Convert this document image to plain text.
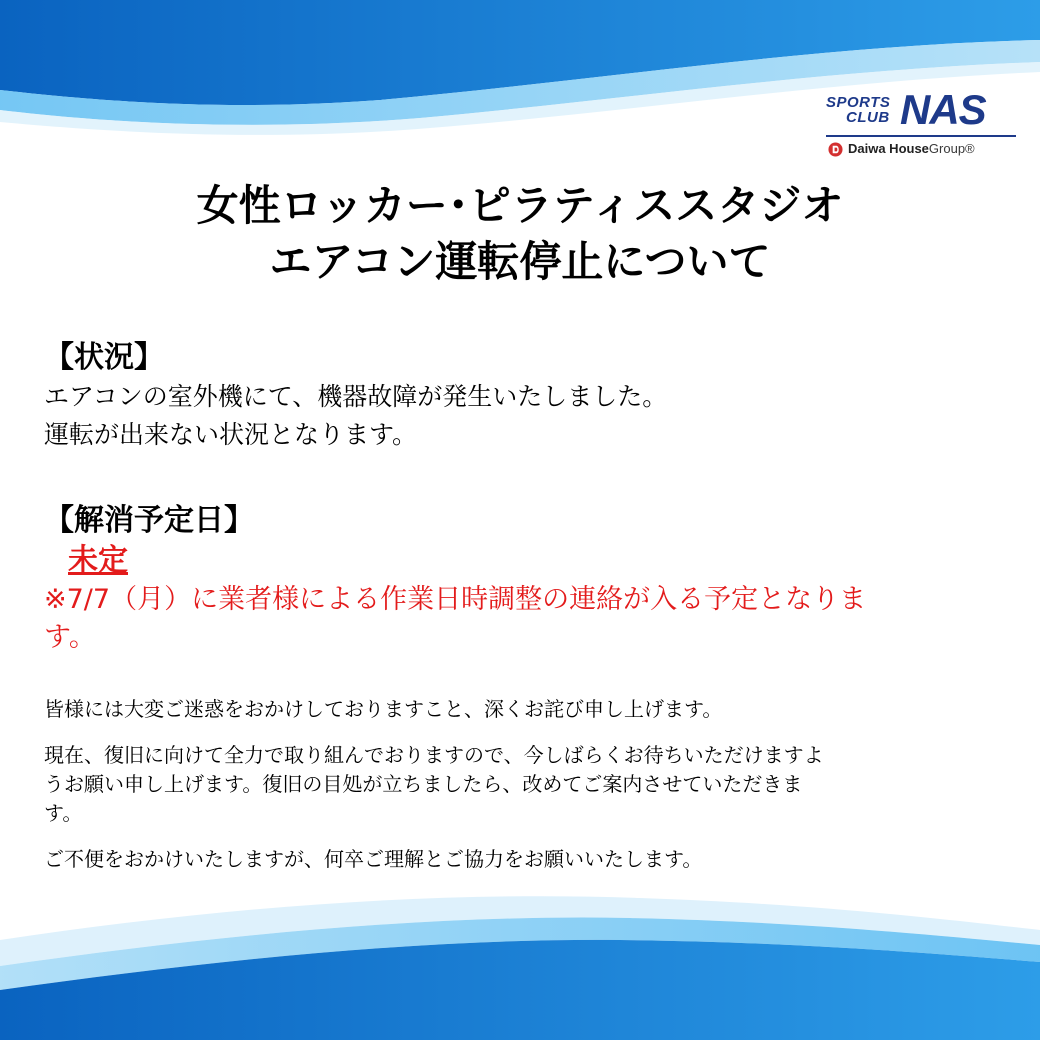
SPORTS
CLUB NAS
Daiwa HouseGroup®
女性ロッカー･ピラティススタジオ
エアコン運転停止について
【状況】
エアコンの室外機にて、機器故障が発生いたしました。
運転が出来ない状況となります。
【解消予定日】
未定
※7/7（月）に業者様による作業日時調整の連絡が入る予定となりま
す。
皆様には大変ご迷惑をおかけしておりますこと、深くお詫び申し上げます。
現在、復旧に向けて全力で取り組んでおりますので、今しばらくお待ちいただけますよ
うお願い申し上げます。復旧の目処が立ちましたら、改めてご案内させていただきま
す。
ご不便をおかけいたしますが、何卒ご理解とご協力をお願いいたします。
